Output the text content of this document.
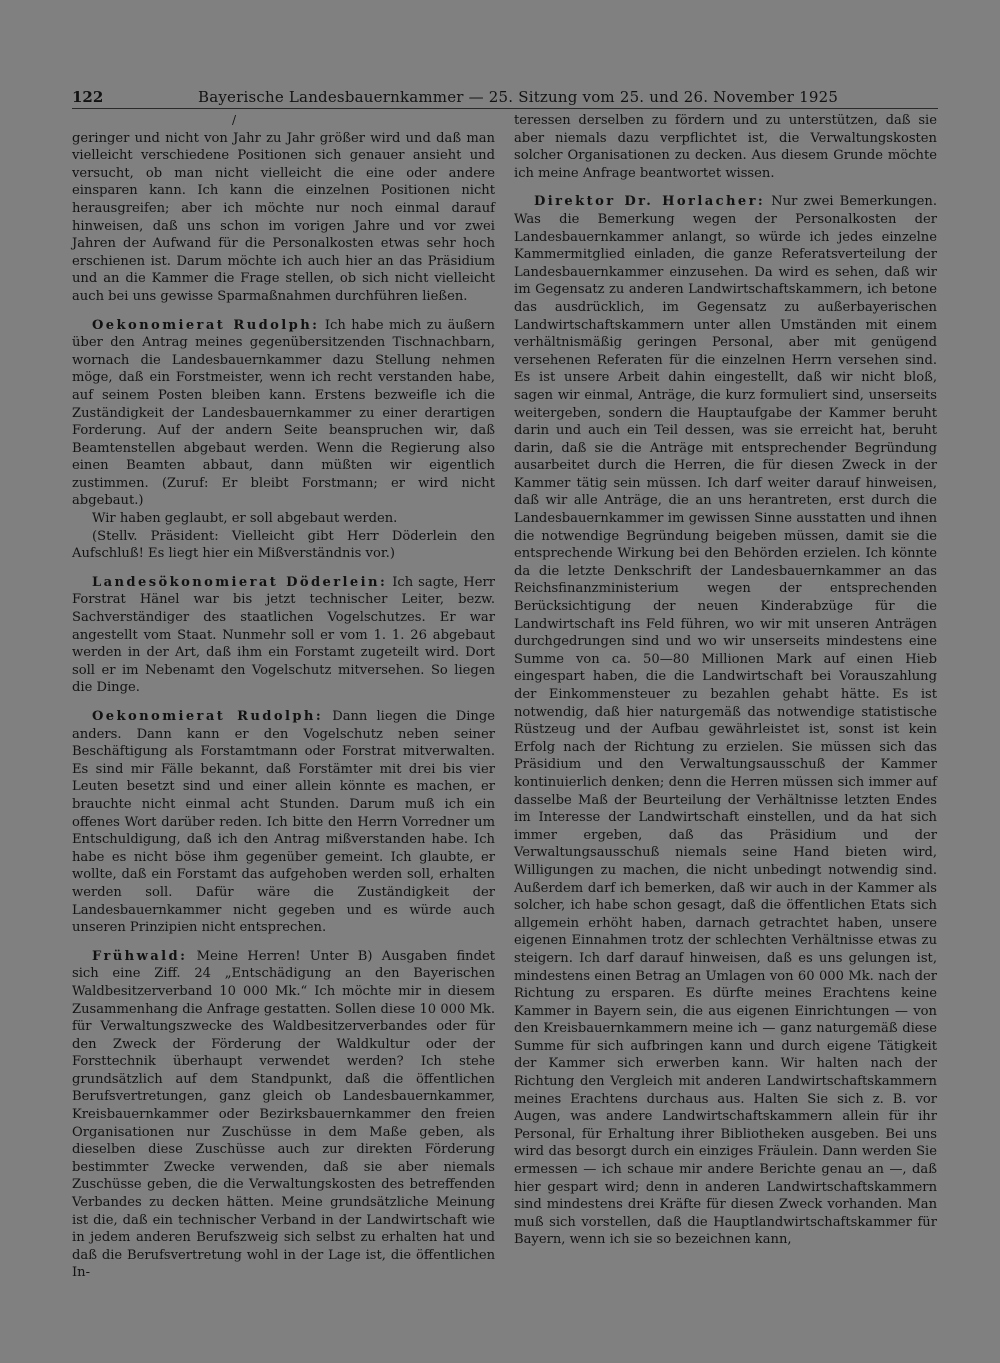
122	Bayerische Landesbauernkammer — 25. Sitzung vom 25. und 26. November 1925
/

geringer und nicht von Jahr zu Jahr größer wird und daß man vielleicht verschiedene Positionen sich genauer ansieht und versucht, ob man nicht vielleicht die eine oder andere einsparen kann. Ich kann die einzelnen Positionen nicht herausgreifen; aber ich möchte nur noch einmal darauf hinweisen, daß uns schon im vorigen Jahre und vor zwei Jahren der Aufwand für die Personalkosten etwas sehr hoch erschienen ist. Darum möchte ich auch hier an das Präsidium und an die Kammer die Frage stellen, ob sich nicht vielleicht auch bei uns gewisse Sparmaßnahmen durchführen ließen.

Oekonomierat Rudolph: Ich habe mich zu äußern über den Antrag meines gegenübersitzenden Tischnachbarn, wornach die Landesbauernkammer dazu Stellung nehmen möge, daß ein Forstmeister, wenn ich recht verstanden habe, auf seinem Posten bleiben kann. Erstens bezweifle ich die Zuständigkeit der Landesbauernkammer zu einer derartigen Forderung. Auf der andern Seite beanspruchen wir, daß Beamtenstellen abgebaut werden. Wenn die Regierung also einen Beamten abbaut, dann müßten wir eigentlich zustimmen. (Zuruf: Er bleibt Forstmann; er wird nicht abgebaut.)

Wir haben geglaubt, er soll abgebaut werden.

(Stellv. Präsident: Vielleicht gibt Herr Döderlein den Aufschluß! Es liegt hier ein Mißverständnis vor.)

Landesökonomierat Döderlein: Ich sagte, Herr Forstrat Hänel war bis jetzt technischer Leiter, bezw. Sachverständiger des staatlichen Vogelschutzes. Er war angestellt vom Staat. Nunmehr soll er vom 1. 1. 26 abgebaut werden in der Art, daß ihm ein Forstamt zugeteilt wird. Dort soll er im Nebenamt den Vogelschutz mitversehen. So liegen die Dinge.

Oekonomierat Rudolph: Dann liegen die Dinge anders. Dann kann er den Vogelschutz neben seiner Beschäftigung als Forstamtmann oder Forstrat mitverwalten. Es sind mir Fälle bekannt, daß Forstämter mit drei bis vier Leuten besetzt sind und einer allein könnte es machen, er brauchte nicht einmal acht Stunden. Darum muß ich ein offenes Wort darüber reden. Ich bitte den Herrn Vorredner um Entschuldigung, daß ich den Antrag mißverstanden habe. Ich habe es nicht böse ihm gegenüber gemeint. Ich glaubte, er wollte, daß ein Forstamt das aufgehoben werden soll, erhalten werden soll. Dafür wäre die Zuständigkeit der Landesbauernkammer nicht gegeben und es würde auch unseren Prinzipien nicht entsprechen.

Frühwald: Meine Herren! Unter B) Ausgaben findet sich eine Ziff. 24 „Entschädigung an den Bayerischen Waldbesitzerverband 10 000 Mk.“ Ich möchte mir in diesem Zusammenhang die Anfrage gestatten. Sollen diese 10 000 Mk. für Verwaltungszwecke des Waldbesitzerverbandes oder für den Zweck der Förderung der Waldkultur oder der Forsttechnik überhaupt verwendet werden? Ich stehe grundsätzlich auf dem Standpunkt, daß die öffentlichen Berufsvertretungen, ganz gleich ob Landesbauernkammer, Kreisbauernkammer oder Bezirksbauernkammer den freien Organisationen nur Zuschüsse in dem Maße geben, als dieselben diese Zuschüsse auch zur direkten Förderung bestimmter Zwecke verwenden, daß sie aber niemals Zuschüsse geben, die die Verwaltungskosten des betreffenden Verbandes zu decken hätten. Meine grundsätzliche Meinung ist die, daß ein technischer Verband in der Landwirtschaft wie in jedem anderen Berufszweig sich selbst zu erhalten hat und daß die Berufsvertretung wohl in der Lage ist, die öffentlichen In-

teressen derselben zu fördern und zu unterstützen, daß sie aber niemals dazu verpflichtet ist, die Verwaltungskosten solcher Organisationen zu decken. Aus diesem Grunde möchte ich meine Anfrage beantwortet wissen.

Direktor Dr. Horlacher: Nur zwei Bemerkungen. Was die Bemerkung wegen der Personalkosten der Landesbauernkammer anlangt, so würde ich jedes einzelne Kammermitglied einladen, die ganze Referatsverteilung der Landesbauernkammer einzusehen. Da wird es sehen, daß wir im Gegensatz zu anderen Landwirtschaftskammern, ich betone das ausdrücklich, im Gegensatz zu außerbayerischen Landwirtschaftskammern unter allen Umständen mit einem verhältnismäßig geringen Personal, aber mit genügend versehenen Referaten für die einzelnen Herrn versehen sind. Es ist unsere Arbeit dahin eingestellt, daß wir nicht bloß, sagen wir einmal, Anträge, die kurz formuliert sind, unserseits weitergeben, sondern die Hauptaufgabe der Kammer beruht darin und auch ein Teil dessen, was sie erreicht hat, beruht darin, daß sie die Anträge mit entsprechender Begründung ausarbeitet durch die Herren, die für diesen Zweck in der Kammer tätig sein müssen. Ich darf weiter darauf hinweisen, daß wir alle Anträge, die an uns herantreten, erst durch die Landesbauernkammer im gewissen Sinne ausstatten und ihnen die notwendige Begründung beigeben müssen, damit sie die entsprechende Wirkung bei den Behörden erzielen. Ich könnte da die letzte Denkschrift der Landesbauernkammer an das Reichsfinanzministerium wegen der entsprechenden Berücksichtigung der neuen Kinderabzüge für die Landwirtschaft ins Feld führen, wo wir mit unseren Anträgen durchgedrungen sind und wo wir unserseits mindestens eine Summe von ca. 50—80 Millionen Mark auf einen Hieb eingespart haben, die die Landwirtschaft bei Vorauszahlung der Einkommensteuer zu bezahlen gehabt hätte. Es ist notwendig, daß hier naturgemäß das notwendige statistische Rüstzeug und der Aufbau gewährleistet ist, sonst ist kein Erfolg nach der Richtung zu erzielen. Sie müssen sich das Präsidium und den Verwaltungsausschuß der Kammer kontinuierlich denken; denn die Herren müssen sich immer auf dasselbe Maß der Beurteilung der Verhältnisse letzten Endes im Interesse der Landwirtschaft einstellen, und da hat sich immer ergeben, daß das Präsidium und der Verwaltungsausschuß niemals seine Hand bieten wird, Willigungen zu machen, die nicht unbedingt notwendig sind. Außerdem darf ich bemerken, daß wir auch in der Kammer als solcher, ich habe schon gesagt, daß die öffentlichen Etats sich allgemein erhöht haben, darnach getrachtet haben, unsere eigenen Einnahmen trotz der schlechten Verhältnisse etwas zu steigern. Ich darf darauf hinweisen, daß es uns gelungen ist, mindestens einen Betrag an Umlagen von 60 000 Mk. nach der Richtung zu ersparen. Es dürfte meines Erachtens keine Kammer in Bayern sein, die aus eigenen Einrichtungen — von den Kreisbauernkammern meine ich — ganz naturgemäß diese Summe für sich aufbringen kann und durch eigene Tätigkeit der Kammer sich erwerben kann. Wir halten nach der Richtung den Vergleich mit anderen Landwirtschaftskammern meines Erachtens durchaus aus. Halten Sie sich z. B. vor Augen, was andere Landwirtschaftskammern allein für ihr Personal, für Erhaltung ihrer Bibliotheken ausgeben. Bei uns wird das besorgt durch ein einziges Fräulein. Dann werden Sie ermessen — ich schaue mir andere Berichte genau an —, daß hier gespart wird; denn in anderen Landwirtschaftskammern sind mindestens drei Kräfte für diesen Zweck vorhanden. Man muß sich vorstellen, daß die Hauptlandwirtschaftskammer für Bayern, wenn ich sie so bezeichnen kann,
